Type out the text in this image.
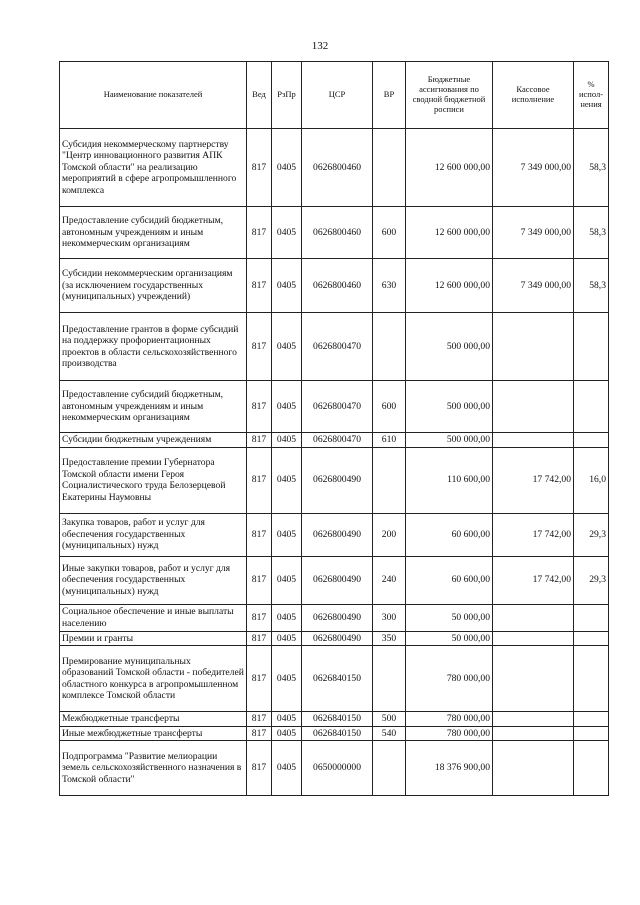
132
Наименование показателей	Вед	РзПр	ЦСР	ВР	Бюджетные ассигнования по сводной бюджетной росписи	Кассовое исполнение	% испол-нения
Субсидия некоммерческому партнерству "Центр инновационного развития АПК Томской области" на реализацию мероприятий в сфере агропромышленного комплекса	817	0405	0626800460		12 600 000,00	7 349 000,00	58,3
Предоставление субсидий бюджетным, автономным учреждениям и иным некоммерческим организациям	817	0405	0626800460	600	12 600 000,00	7 349 000,00	58,3
Субсидии некоммерческим организациям (за исключением государственных (муниципальных) учреждений)	817	0405	0626800460	630	12 600 000,00	7 349 000,00	58,3
Предоставление грантов в форме субсидий на поддержку профориентационных проектов в области сельскохозяйственного производства	817	0405	0626800470		500 000,00		
Предоставление субсидий бюджетным, автономным учреждениям и иным некоммерческим организациям	817	0405	0626800470	600	500 000,00		
Субсидии бюджетным учреждениям	817	0405	0626800470	610	500 000,00		
Предоставление премии Губернатора Томской области имени Героя Социалистического труда Белозерцевой Екатерины Наумовны	817	0405	0626800490		110 600,00	17 742,00	16,0
Закупка товаров, работ и услуг для обеспечения государственных (муниципальных) нужд	817	0405	0626800490	200	60 600,00	17 742,00	29,3
Иные закупки товаров, работ и услуг для обеспечения государственных (муниципальных) нужд	817	0405	0626800490	240	60 600,00	17 742,00	29,3
Социальное обеспечение и иные выплаты населению	817	0405	0626800490	300	50 000,00		
Премии и гранты	817	0405	0626800490	350	50 000,00		
Премирование муниципальных образований Томской области - победителей областного конкурса в агропромышленном комплексе Томской области	817	0405	0626840150		780 000,00		
Межбюджетные трансферты	817	0405	0626840150	500	780 000,00		
Иные межбюджетные трансферты	817	0405	0626840150	540	780 000,00		
Подпрограмма "Развитие мелиорации земель сельскохозяйственного назначения в Томской области"	817	0405	0650000000		18 376 900,00		
